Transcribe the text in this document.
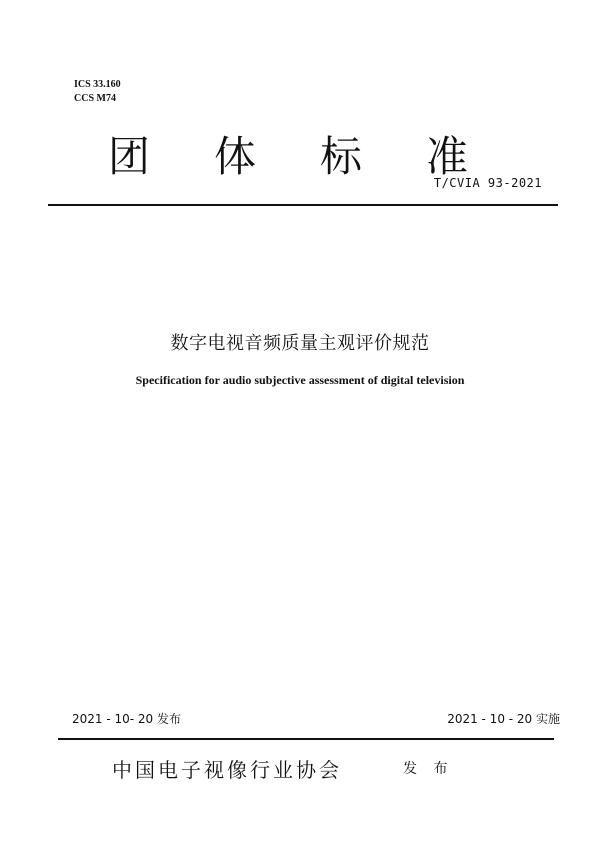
ICS 33.160
CCS M74
团 体 标 准
T/CVIA 93-2021
数字电视音频质量主观评价规范
Specification for audio subjective assessment of digital television
2021 - 10- 20 发布	2021 - 10 - 20 实施
中国电子视像行业协会	发 布
